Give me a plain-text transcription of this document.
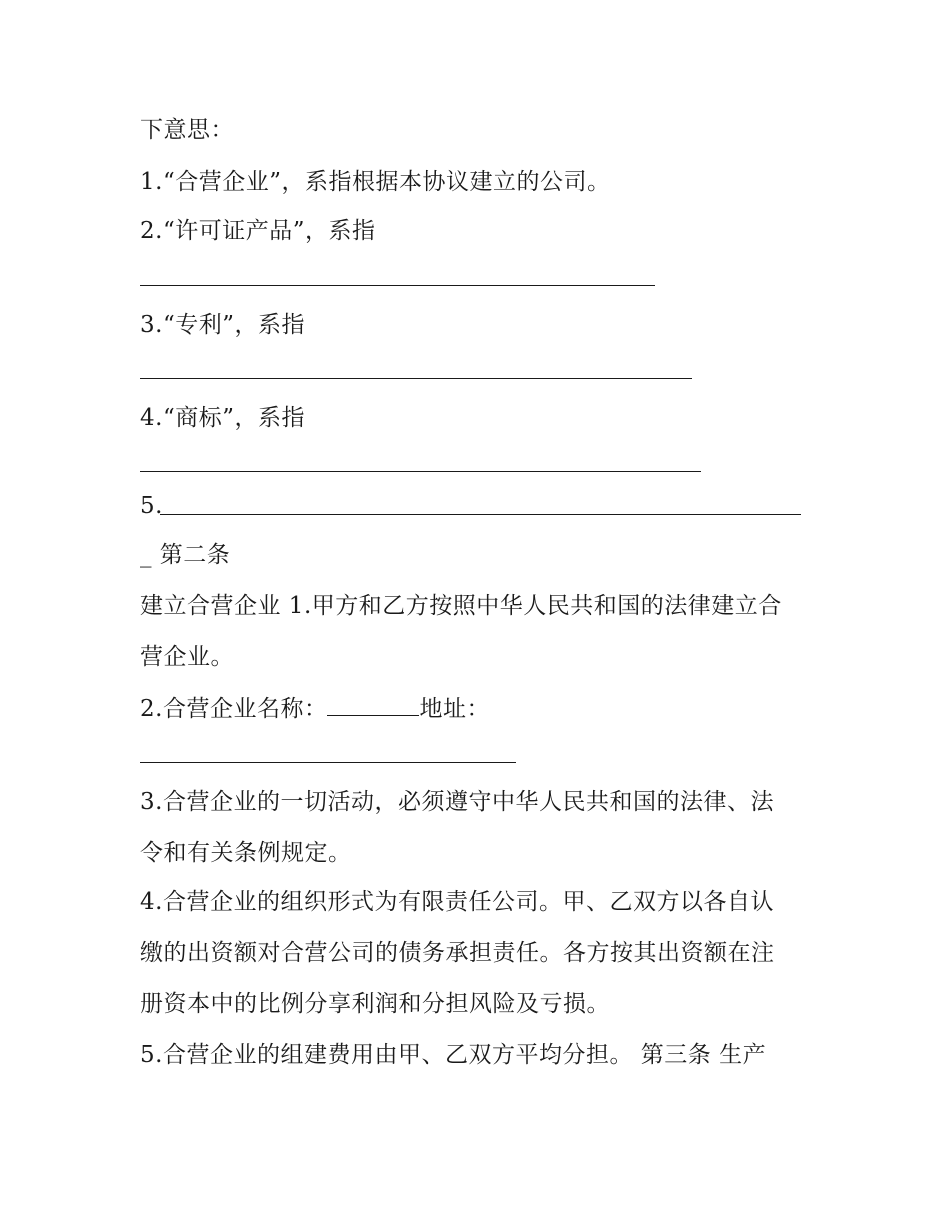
下意思：
1.“合营企业”，系指根据本协议建立的公司。
2.“许可证产品”，系指
3.“专利”，系指
4.“商标”，系指
5.
_ 第二条
建立合营企业 1.甲方和乙方按照中华人民共和国的法律建立合
营企业。
2.合营企业名称：	地址：
3.合营企业的一切活动，必须遵守中华人民共和国的法律、法
令和有关条例规定。
4.合营企业的组织形式为有限责任公司。甲、乙双方以各自认
缴的出资额对合营公司的债务承担责任。各方按其出资额在注
册资本中的比例分享利润和分担风险及亏损。
5.合营企业的组建费用由甲、乙双方平均分担。 第三条 生产
